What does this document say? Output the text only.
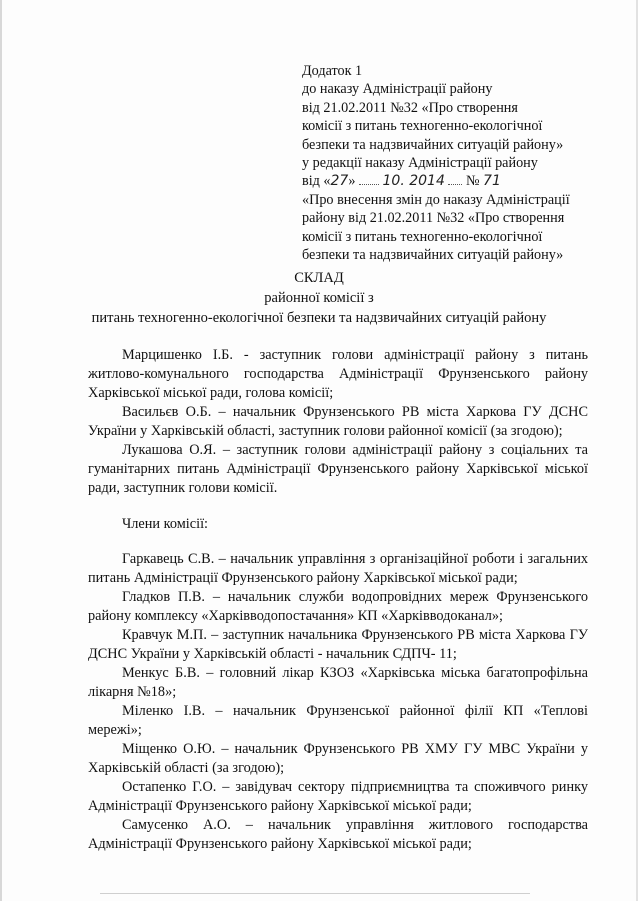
Додаток 1
до наказу Адміністрації району
від 21.02.2011 №32 «Про створення
комісії з питань техногенно-екологічної
безпеки та надзвичайних ситуацій району»
у редакції наказу Адміністрації району
від «27» 10. 2014 № 71
«Про внесення змін до наказу Адміністрації
району від 21.02.2011 №32 «Про створення
комісії з питань техногенно-екологічної
безпеки та надзвичайних ситуацій району»
СКЛАД
районної комісії з
питань техногенно-екологічної безпеки та надзвичайних ситуацій району

Марцишенко І.Б. - заступник голови адміністрації району з питань житлово-комунального господарства Адміністрації Фрунзенського району Харківської міської ради, голова комісії;

Васильєв О.Б. – начальник Фрунзенського РВ міста Харкова ГУ ДСНС України у Харківській області, заступник голови районної комісії (за згодою);

Лукашова О.Я. – заступник голови адміністрації району з соціальних та гуманітарних питань Адміністрації Фрунзенського району Харківської міської ради, заступник голови комісії.

Члени комісії:

Гаркавець С.В. – начальник управління з організаційної роботи і загальних питань Адміністрації Фрунзенського району Харківської міської ради;

Гладков П.В. – начальник служби водопровідних мереж Фрунзенського району комплексу «Харківводопостачання» КП «Харківводоканал»;

Кравчук М.П. – заступник начальника Фрунзенського РВ міста Харкова ГУ ДСНС України у Харківській області - начальник СДПЧ- 11;

Менкус Б.В. – головний лікар КЗОЗ «Харківська міська багатопрофільна лікарня №18»;

Міленко І.В. – начальник Фрунзенської районної філії КП «Теплові мережі»;

Міщенко О.Ю. – начальник Фрунзенського РВ ХМУ ГУ МВС України у Харківській області (за згодою);

Остапенко Г.О. – завідувач сектору підприємництва та споживчого ринку Адміністрації Фрунзенського району Харківської міської ради;

Самусенко А.О. – начальник управління житлового господарства Адміністрації Фрунзенського району Харківської міської ради;
